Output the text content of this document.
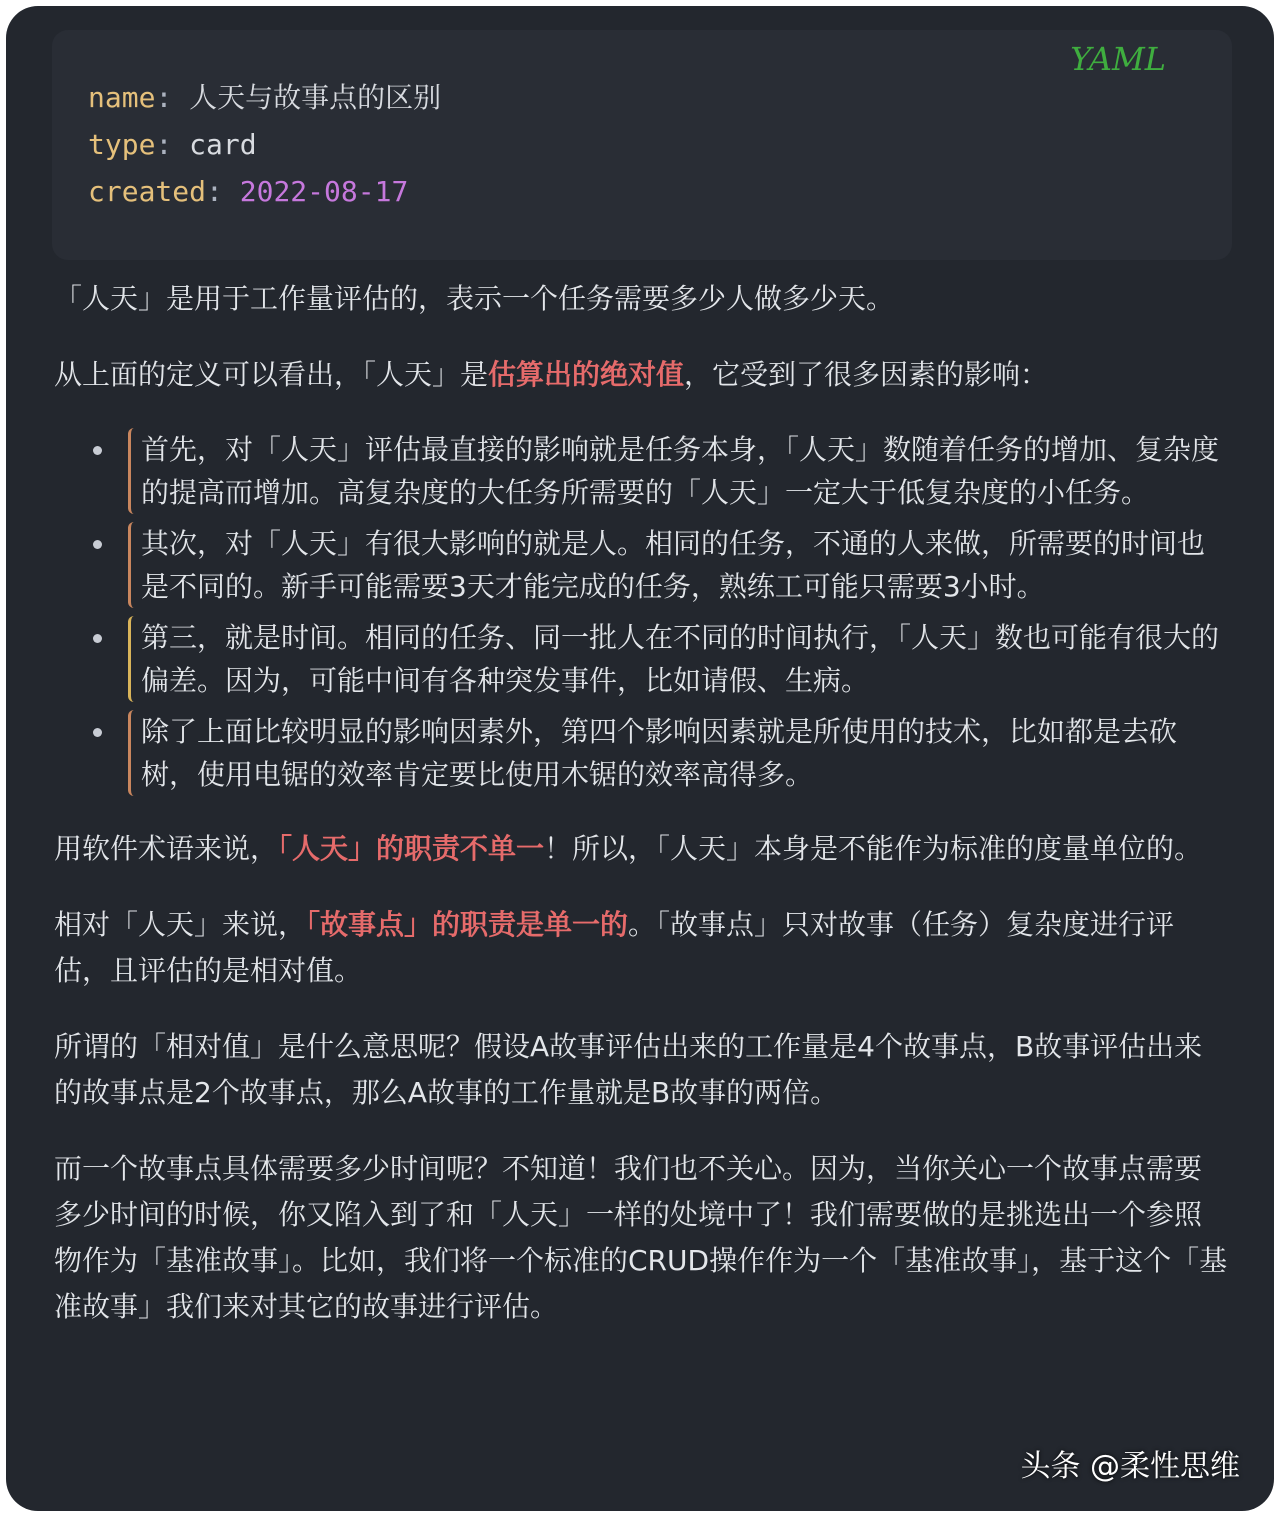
YAML
name: 人天与故事点的区别
type: card
created: 2022-08-17

「人天」是用于工作量评估的，表示一个任务需要多少人做多少天。

从上面的定义可以看出，「人天」是估算出的绝对值，它受到了很多因素的影响：

首先，对「人天」评估最直接的影响就是任务本身，「人天」数随着任务的增加、复杂度的提高而增加。高复杂度的大任务所需要的「人天」一定大于低复杂度的小任务。
其次，对「人天」有很大影响的就是人。相同的任务，不通的人来做，所需要的时间也是不同的。新手可能需要3天才能完成的任务，熟练工可能只需要3小时。
第三，就是时间。相同的任务、同一批人在不同的时间执行，「人天」数也可能有很大的偏差。因为，可能中间有各种突发事件，比如请假、生病。
除了上面比较明显的影响因素外，第四个影响因素就是所使用的技术，比如都是去砍树，使用电锯的效率肯定要比使用木锯的效率高得多。

用软件术语来说，「人天」的职责不单一！所以，「人天」本身是不能作为标准的度量单位的。

相对「人天」来说，「故事点」的职责是单一的。「故事点」只对故事（任务）复杂度进行评估，且评估的是相对值。

所谓的「相对值」是什么意思呢？假设A故事评估出来的工作量是4个故事点，B故事评估出来的故事点是2个故事点，那么A故事的工作量就是B故事的两倍。

而一个故事点具体需要多少时间呢？不知道！我们也不关心。因为，当你关心一个故事点需要多少时间的时候，你又陷入到了和「人天」一样的处境中了！我们需要做的是挑选出一个参照物作为「基准故事」。比如，我们将一个标准的CRUD操作作为一个「基准故事」，基于这个「基准故事」我们来对其它的故事进行评估。

头条 @柔性思维
